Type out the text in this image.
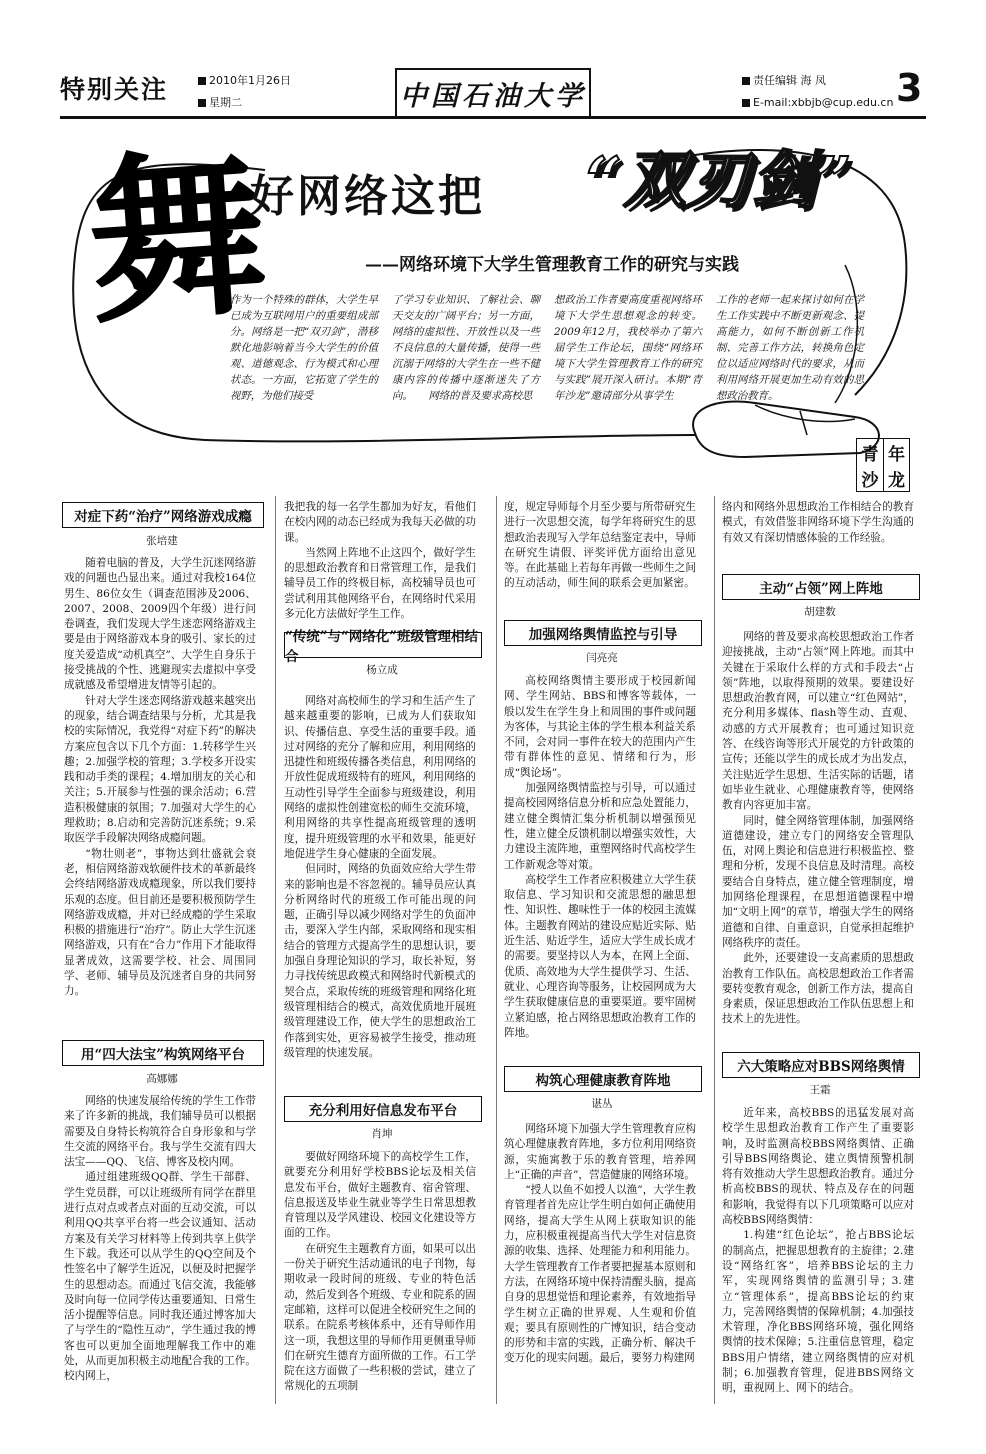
特别关注	2010年1月26日
星期二	中国石油大学	责任编辑 海 凤
E-mail:xbbjb@cup.edu.cn 3
舞
好网络这把 “双刃剑”
——网络环境下大学生管理教育工作的研究与实践
作为一个特殊的群体，大学生早已成为互联网用户的重要组成部分。网络是一把“双刃剑”，潜移默化地影响着当今大学生的价值观、道德观念、行为模式和心理状态。一方面，它拓宽了学生的视野，为他们接受
了学习专业知识、了解社会、聊天交友的广阔平台；另一方面，网络的虚拟性、开放性以及一些不良信息的大量传播，使得一些沉溺于网络的大学生在一些不健康内容的传播中逐渐迷失了方向。　　网络的普及要求高校思
想政治工作者要高度重视网络环境下大学生思想观念的转变。2009年12月，我校举办了第六届学生工作论坛，围绕“网络环境下大学生管理教育工作的研究与实践”展开深入研讨。本期“青年沙龙”邀请部分从事学生
工作的老师一起来探讨如何在学生工作实践中不断更新观念、提高能力，如何不断创新工作机制、完善工作方法，转换角色定位以适应网络时代的要求，从而利用网络开展更加生动有效的思想政治教育。
青 年
沙 龙
对症下药“治疗”网络游戏成瘾
张培建

随着电脑的普及，大学生沉迷网络游戏的问题也凸显出来。通过对我校164位男生、86位女生（调查范围涉及2006、2007、2008、2009四个年级）进行问卷调查，我们发现大学生迷恋网络游戏主要是由于网络游戏本身的吸引、家长的过度关爱造成“动机真空”、大学生自身乐于接受挑战的个性、逃避现实去虚拟中享受成就感及希望增进友情等引起的。

针对大学生迷恋网络游戏越来越突出的现象，结合调查结果与分析，尤其是我校的实际情况，我党得“对症下药”的解决方案应包含以下几个方面：1.转移学生兴趣；2.加强学校的管理；3.学校多开设实践和动手类的课程；4.增加朋友的关心和关注；5.开展参与性强的课余活动；6.营造积极健康的氛围；7.加强对大学生的心理救助；8.启动和完善防沉迷系统；9.采取医学手段解决网络成瘾问题。

“物壮则老”，事物达到壮盛就会衰老，相信网络游戏软硬件技术的革新最终会终结网络游戏成瘾现象，所以我们要持乐观的态度。但目前还是要积极预防学生网络游戏成瘾，并对已经成瘾的学生采取积极的措施进行“治疗”。防止大学生沉迷网络游戏，只有在“合力”作用下才能取得显著成效，这需要学校、社会、周围同学、老师、辅导员及沉迷者自身的共同努力。

用“四大法宝”构筑网络平台
高娜娜

网络的快速发展给传统的学生工作带来了许多新的挑战，我们辅导员可以根据需要及自身特长构筑符合自身形象和与学生交流的网络平台。我与学生交流有四大法宝——QQ、飞信、博客及校内网。

通过组建班级QQ群、学生干部群、学生党员群，可以让班级所有同学在群里进行点对点或者点对面的互动交流，可以利用QQ共享平台将一些会议通知、活动方案及有关学习材料等上传到共享上供学生下载。我还可以从学生的QQ空间及个性签名中了解学生近况，以便及时把握学生的思想动态。而通过飞信交流，我能够及时向每一位同学传达重要通知、日常生活小提醒等信息。同时我还通过博客加大了与学生的“隐性互动”，学生通过我的博客也可以更加全面地理解我工作中的难处，从而更加积极主动地配合我的工作。校内网上，

我把我的每一名学生都加为好友，看他们在校内网的动态已经成为我每天必做的功课。

当然网上阵地不止这四个，做好学生的思想政治教育和日常管理工作，是我们辅导员工作的终极目标，高校辅导员也可尝试利用其他网络平台，在网络时代采用多元化方法做好学生工作。

“传统”与“网络化”班级管理相结合
杨立成

网络对高校师生的学习和生活产生了越来越重要的影响，已成为人们获取知识、传播信息、享受生活的重要手段。通过对网络的充分了解和应用，利用网络的迅捷性和班级传播各类信息，利用网络的开放性促成班级特有的班风，利用网络的互动性引导学生全面参与班级建设，利用网络的虚拟性创建宽松的师生交流环境，利用网络的共享性提高班级管理的透明度，提升班级管理的水平和效果，能更好地促进学生身心健康的全面发展。

但同时，网络的负面效应给大学生带来的影响也是不容忽视的。辅导员应认真分析网络时代的班级工作可能出现的问题，正确引导以减少网络对学生的负面冲击，要深入学生内部，采取网络和现实相结合的管理方式提高学生的思想认识，要加强自身理论知识的学习，取长补短，努力寻找传统思政模式和网络时代新模式的契合点，采取传统的班级管理和网络化班级管理相结合的模式，高效优质地开展班级管理建设工作，使大学生的思想政治工作落到实处，更容易被学生接受，推动班级管理的快速发展。

充分利用好信息发布平台
肖坤

要做好网络环境下的高校学生工作，就要充分利用好学校BBS论坛及相关信息发布平台，做好主题教育、宿舍管理、信息报送及毕业生就业等学生日常思想教育管理以及学风建设、校园文化建设等方面的工作。

在研究生主题教育方面，如果可以出一份关于研究生活动通讯的电子刊物，每期收录一段时间的班级、专业的特色活动，然后发到各个班级、专业和院系的固定邮箱，这样可以促进全校研究生之间的联系。在院系考核体系中，还有导师作用这一项，我想这里的导师作用更侧重导师们在研究生德育方面所做的工作。石工学院在这方面做了一些积极的尝试，建立了常规化的五项制

度，规定导师每个月至少要与所带研究生进行一次思想交流，每学年将研究生的思想政治表现写入学年总结鉴定表中，导师在研究生请假、评奖评优方面给出意见等。在此基础上若每年再做一些师生之间的互动活动，师生间的联系会更加紧密。

加强网络舆情监控与引导
闫亮亮

高校网络舆情主要形成于校园新闻网、学生网站、BBS和博客等载体，一般以发生在学生身上和周围的事件或问题为客体，与其论主体的学生根本利益关系不同，会对同一事件在较大的范围内产生带有群体性的意见、情绪和行为，形成“舆论场”。

加强网络舆情监控与引导，可以通过提高校园网络信息分析和应急处置能力，建立健全舆情汇集分析机制以增强预见性，建立健全反馈机制以增强实效性，大力建设主流阵地，重塑网络时代高校学生工作新观念等对策。

高校学生工作者应积极建立大学生获取信息、学习知识和交流思想的融思想性、知识性、趣味性于一体的校园主流媒体。主题教育网站的建设应贴近实际、贴近生活、贴近学生，适应大学生成长成才的需要。要坚持以人为本，在网上全面、优质、高效地为大学生提供学习、生活、就业、心理咨询等服务，让校园网成为大学生获取健康信息的重要渠道。要牢固树立紧迫感，抢占网络思想政治教育工作的阵地。

构筑心理健康教育阵地
谌丛

网络环境下加强大学生管理教育应构筑心理健康教育阵地，多方位利用网络资源，实施寓教于乐的教育管理，培养网上“正确的声音”，营造健康的网络环境。

“授人以鱼不如授人以渔”，大学生教育管理者首先应让学生明白如何正确使用网络，提高大学生从网上获取知识的能力，应积极重视提高当代大学生对信息资源的收集、选择、处理能力和利用能力。大学生管理教育工作者要把握基本原则和方法，在网络环境中保持清醒头脑，提高自身的思想觉悟和理论素养，有效地指导学生树立正确的世界观、人生观和价值观；要具有原则性的广博知识，结合变动的形势和丰富的实践，正确分析、解决千变万化的现实问题。最后，要努力构建网

络内和网络外思想政治工作相结合的教育模式，有效借鉴非网络环境下学生沟通的有效又有深切情感体验的工作经验。

主动“占领”网上阵地
胡建数

网络的普及要求高校思想政治工作者迎接挑战，主动“占领”网上阵地。而其中关键在于采取什么样的方式和手段去“占领”阵地，以取得预期的效果。要建设好思想政治教育网，可以建立“红色网站”，充分利用多媒体、flash等生动、直观、动感的方式开展教育；也可通过知识竞答、在线咨询等形式开展党的方针政策的宣传；还能以学生的成长成才为出发点，关注贴近学生思想、生活实际的话题，诸如毕业生就业、心理健康教育等，使网络教育内容更加丰富。

同时，健全网络管理体制，加强网络道德建设，建立专门的网络安全管理队伍，对网上舆论和信息进行积极监控、整理和分析，发现不良信息及时清理。高校要结合自身特点，建立健全管理制度，增加网络伦理课程，在思想道德课程中增加“文明上网”的章节，增强大学生的网络道德和自律、自重意识，自觉承担起维护网络秩序的责任。

此外，还要建设一支高素质的思想政治教育工作队伍。高校思想政治工作者需要转变教育观念，创新工作方法，提高自身素质，保证思想政治工作队伍思想上和技术上的先进性。

六大策略应对BBS网络舆情
王霜

近年来，高校BBS的迅猛发展对高校学生思想政治教育工作产生了重要影响，及时监测高校BBS网络舆情、正确引导BBS网络舆论、建立舆情预警机制将有效推动大学生思想政治教育。通过分析高校BBS的现状、特点及存在的问题和影响，我觉得有以下几项策略可以应对高校BBS网络舆情：

1.构建“红色论坛”，抢占BBS论坛的制高点，把握思想教育的主旋律；2.建设“网络红客”，培养BBS论坛的主力军，实现网络舆情的监测引导；3.建立“管理体系”，提高BBS论坛的约束力，完善网络舆情的保障机制；4.加强技术管理，净化BBS网络环境，强化网络舆情的技术保障；5.注重信息管理，稳定BBS用户情绪，建立网络舆情的应对机制；6.加强教育管理，促进BBS网络文明，重视网上、网下的结合。
